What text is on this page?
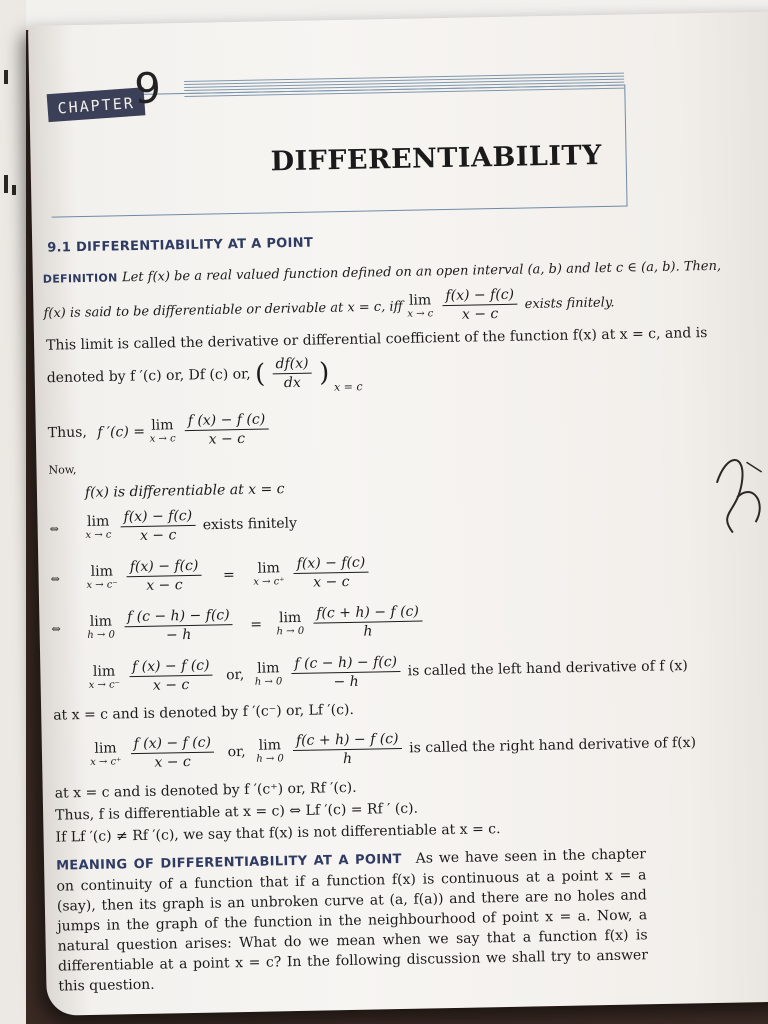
CHAPTER
9
DIFFERENTIABILITY
9.1 DIFFERENTIABILITY AT A POINT
DEFINITION Let f(x) be a real valued function defined on an open interval (a, b) and let c ∈ (a, b). Then,
f(x) is said to be differentiable or derivable at x = c, iff lim
x → c
$\frac{f(x) - f(c)}{x - c}$ exists finitely.
This limit is called the derivative or differential coefficient of the function f(x) at x = c, and is
denoted by f ′(c) or, Df (c) or, ( $\frac{df(x)}{dx}$ ) $_{x = c}$
Thus, f ′(c) = lim
x → c
$\frac{f (x) - f (c)}{x - c}$
Now,
f(x) is differentiable at x = c
⇔ lim
x → c
$\frac{f(x) - f(c)}{x - c}$ exists finitely
⇔ lim
x → c⁻
$\frac{f(x) - f(c)}{x - c} = \lim$
x → c⁺
$\frac{f(x) - f(c)}{x - c}$
⇔ lim
h → 0
$\frac{f (c - h) - f(c)}{- h} = \lim$
h → 0
$\frac{f(c + h) - f (c)}{h}$
lim
x → c⁻
$\frac{f (x) - f (c)}{x - c}$ or, lim
h → 0
$\frac{f (c - h) - f(c)}{- h}$ is called the left hand derivative of f (x)
at x = c and is denoted by f ′(c⁻) or, Lf ′(c).
lim
x → c⁺
$\frac{f (x) - f (c)}{x - c}$ or, lim
h → 0
$\frac{f(c + h) - f (c)}{h}$ is called the right hand derivative of f(x)
at x = c and is denoted by f ′(c⁺) or, Rf ′(c).
Thus, f is differentiable at x = c) ⇔ Lf ′(c) = Rf ′ (c).
If Lf ′(c) ≠ Rf ′(c), we say that f(x) is not differentiable at x = c.
MEANING OF DIFFERENTIABILITY AT A POINT As we have seen in the chapter on continuity of a function that if a function f(x) is continuous at a point x = a (say), then its graph is an unbroken curve at (a, f(a)) and there are no holes and jumps in the graph of the function in the neighbourhood of point x = a. Now, a natural question arises: What do we mean when we say that a function f(x) is differentiable at a point x = c? In the following discussion we shall try to answer this question.
